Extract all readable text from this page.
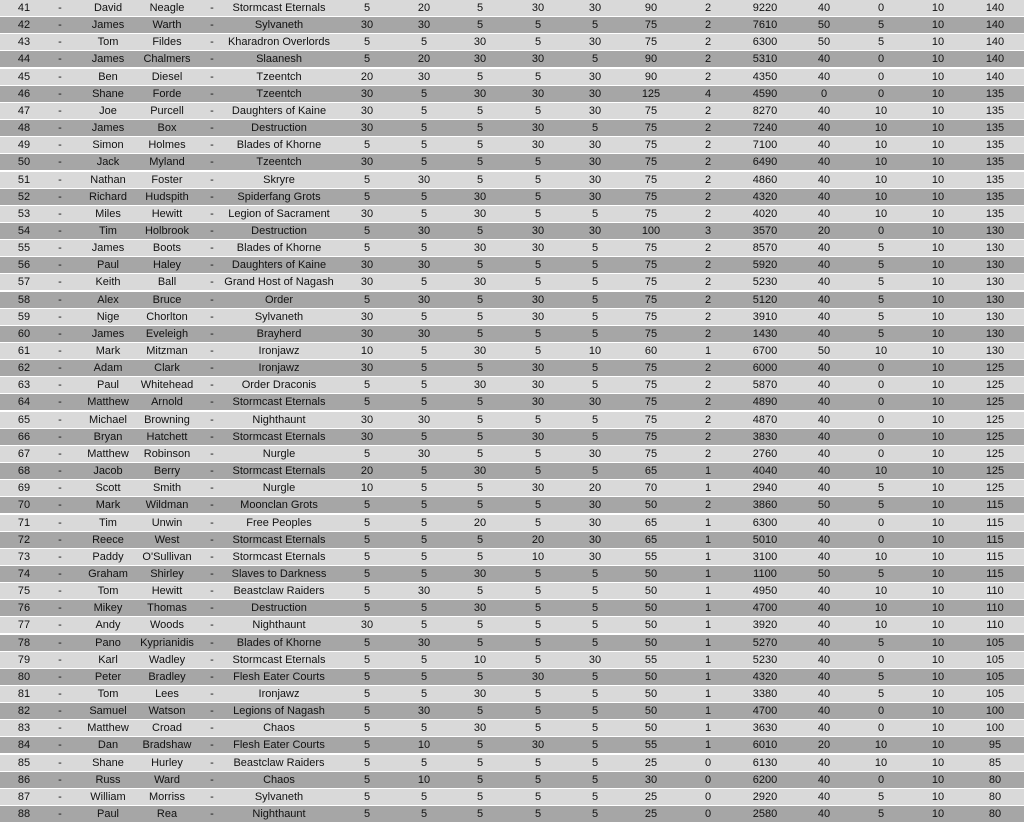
41	-	David	Neagle	-	Stormcast Eternals	5	20	5	30	30	90	2	9220	40	0	10	140
42	-	James	Warth	-	Sylvaneth	30	30	5	5	5	75	2	7610	50	5	10	140
43	-	Tom	Fildes	-	Kharadron Overlords	5	5	30	5	30	75	2	6300	50	5	10	140
44	-	James	Chalmers	-	Slaanesh	5	20	30	30	5	90	2	5310	40	0	10	140
45	-	Ben	Diesel	-	Tzeentch	20	30	5	5	30	90	2	4350	40	0	10	140
46	-	Shane	Forde	-	Tzeentch	30	5	30	30	30	125	4	4590	0	0	10	135
47	-	Joe	Purcell	-	Daughters of Kaine	30	5	5	5	30	75	2	8270	40	10	10	135
48	-	James	Box	-	Destruction	30	5	5	30	5	75	2	7240	40	10	10	135
49	-	Simon	Holmes	-	Blades of Khorne	5	5	5	30	30	75	2	7100	40	10	10	135
50	-	Jack	Myland	-	Tzeentch	30	5	5	5	30	75	2	6490	40	10	10	135
51	-	Nathan	Foster	-	Skryre	5	30	5	5	30	75	2	4860	40	10	10	135
52	-	Richard	Hudspith	-	Spiderfang Grots	5	5	30	5	30	75	2	4320	40	10	10	135
53	-	Miles	Hewitt	-	Legion of Sacrament	30	5	30	5	5	75	2	4020	40	10	10	135
54	-	Tim	Holbrook	-	Destruction	5	30	5	30	30	100	3	3570	20	0	10	130
55	-	James	Boots	-	Blades of Khorne	5	5	30	30	5	75	2	8570	40	5	10	130
56	-	Paul	Haley	-	Daughters of Kaine	30	30	5	5	5	75	2	5920	40	5	10	130
57	-	Keith	Ball	- Grand Host of Nagash	30	5	30	5	5	75	2	5230	40	5	10	130
58	-	Alex	Bruce	-	Order	5	30	5	30	5	75	2	5120	40	5	10	130
59	-	Nige	Chorlton	-	Sylvaneth	30	5	5	30	5	75	2	3910	40	5	10	130
60	-	James	Eveleigh	-	Brayherd	30	30	5	5	5	75	2	1430	40	5	10	130
61	-	Mark	Mitzman	-	Ironjawz	10	5	30	5	10	60	1	6700	50	10	10	130
62	-	Adam	Clark	-	Ironjawz	30	5	5	30	5	75	2	6000	40	0	10	125
63	-	Paul	Whitehead	-	Order Draconis	5	5	30	30	5	75	2	5870	40	0	10	125
64	-	Matthew	Arnold	-	Stormcast Eternals	5	5	5	30	30	75	2	4890	40	0	10	125
65	-	Michael	Browning	-	Nighthaunt	30	30	5	5	5	75	2	4870	40	0	10	125
66	-	Bryan	Hatchett	-	Stormcast Eternals	30	5	5	30	5	75	2	3830	40	0	10	125
67	-	Matthew	Robinson	-	Nurgle	5	30	5	5	30	75	2	2760	40	0	10	125
68	-	Jacob	Berry	-	Stormcast Eternals	20	5	30	5	5	65	1	4040	40	10	10	125
69	-	Scott	Smith	-	Nurgle	10	5	5	30	20	70	1	2940	40	5	10	125
70	-	Mark	Wildman	-	Moonclan Grots	5	5	5	5	30	50	2	3860	50	5	10	115
71	-	Tim	Unwin	-	Free Peoples	5	5	20	5	30	65	1	6300	40	0	10	115
72	-	Reece	West	-	Stormcast Eternals	5	5	5	20	30	65	1	5010	40	0	10	115
73	-	Paddy	O'Sullivan	-	Stormcast Eternals	5	5	5	10	30	55	1	3100	40	10	10	115
74	-	Graham	Shirley	-	Slaves to Darkness	5	5	30	5	5	50	1	1100	50	5	10	115
75	-	Tom	Hewitt	-	Beastclaw Raiders	5	30	5	5	5	50	1	4950	40	10	10	110
76	-	Mikey	Thomas	-	Destruction	5	5	30	5	5	50	1	4700	40	10	10	110
77	-	Andy	Woods	-	Nighthaunt	30	5	5	5	5	50	1	3920	40	10	10	110
78	-	Pano	Kyprianidis	-	Blades of Khorne	5	30	5	5	5	50	1	5270	40	5	10	105
79	-	Karl	Wadley	-	Stormcast Eternals	5	5	10	5	30	55	1	5230	40	0	10	105
80	-	Peter	Bradley	-	Flesh Eater Courts	5	5	5	30	5	50	1	4320	40	5	10	105
81	-	Tom	Lees	-	Ironjawz	5	5	30	5	5	50	1	3380	40	5	10	105
82	-	Samuel	Watson	-	Legions of Nagash	5	30	5	5	5	50	1	4700	40	0	10	100
83	-	Matthew	Croad	-	Chaos	5	5	30	5	5	50	1	3630	40	0	10	100
84	-	Dan	Bradshaw	-	Flesh Eater Courts	5	10	5	30	5	55	1	6010	20	10	10	95
85	-	Shane	Hurley	-	Beastclaw Raiders	5	5	5	5	5	25	0	6130	40	10	10	85
86	-	Russ	Ward	-	Chaos	5	10	5	5	5	30	0	6200	40	0	10	80
87	-	William	Morriss	-	Sylvaneth	5	5	5	5	5	25	0	2920	40	5	10	80
88	-	Paul	Rea	-	Nighthaunt	5	5	5	5	5	25	0	2580	40	5	10	80
